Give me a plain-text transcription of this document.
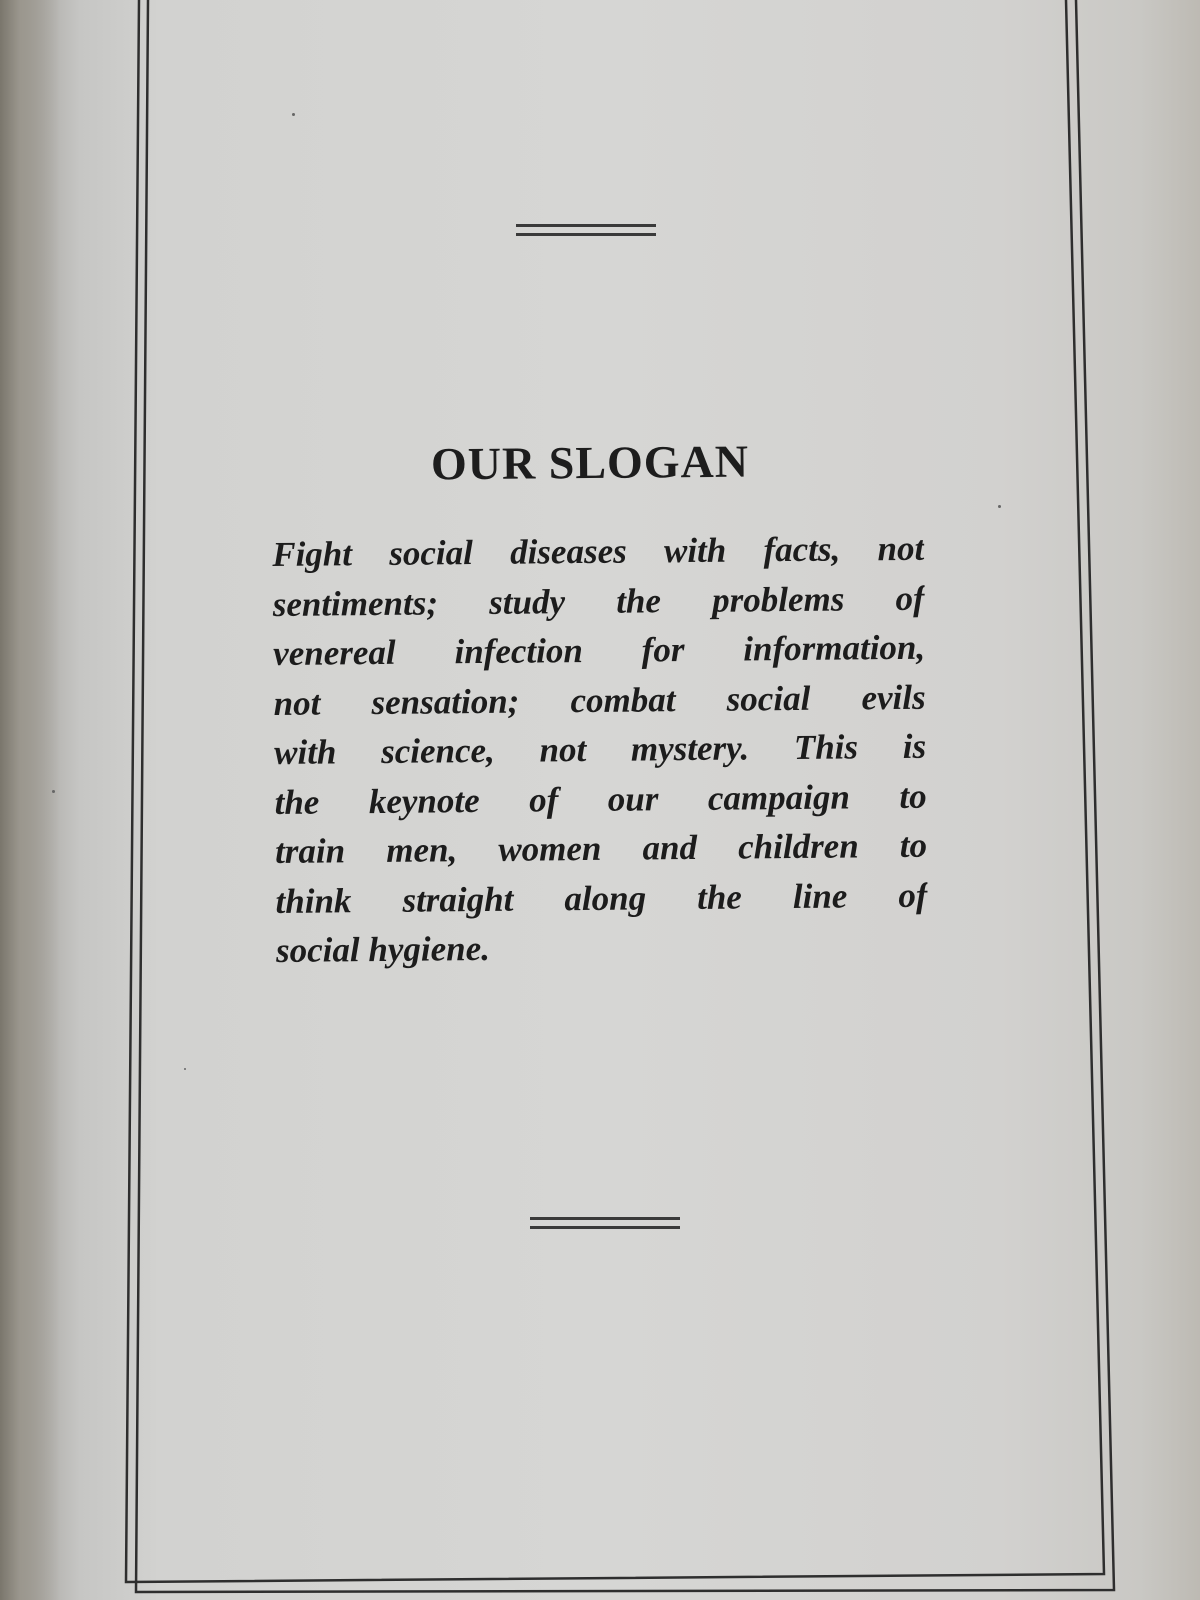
OUR SLOGAN

Fight social diseases with facts, not
sentiments; study the problems of
venereal infection for information,
not sensation; combat social evils
with science, not mystery. This is
the keynote of our campaign to
train men, women and children to
think straight along the line of
social hygiene.
